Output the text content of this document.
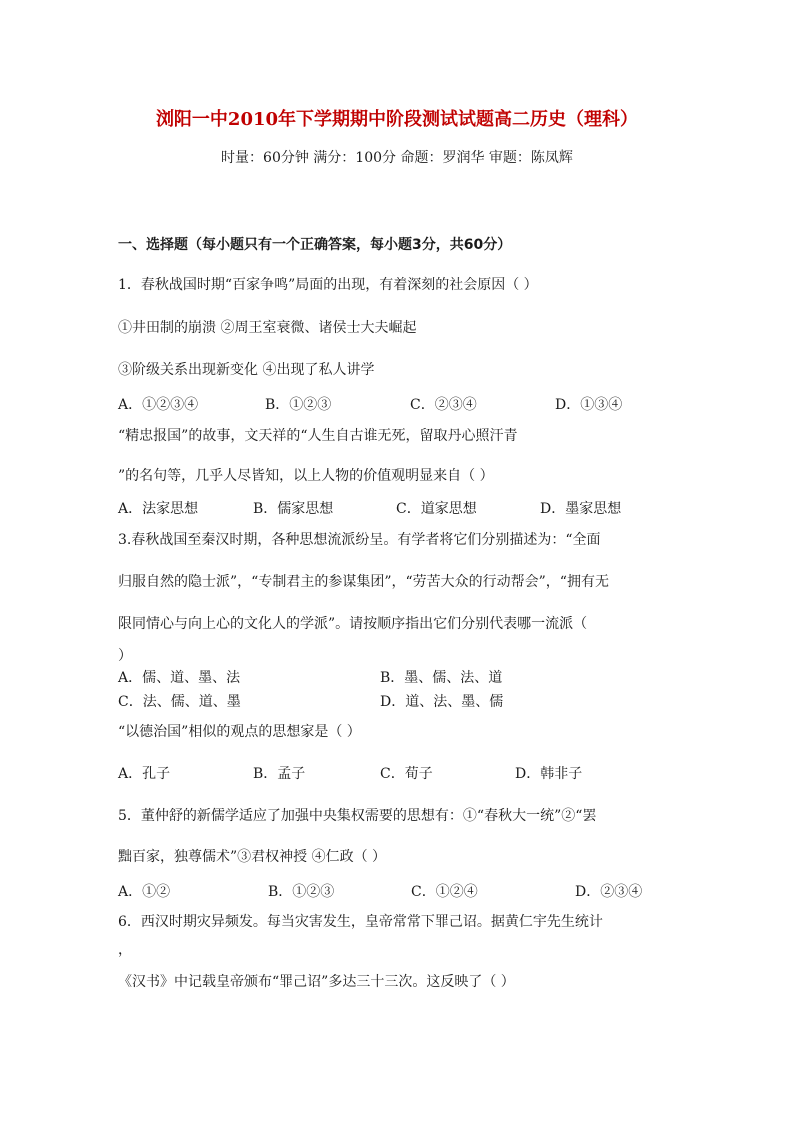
浏阳一中2010年下学期期中阶段测试试题高二历史（理科）
时量：60分钟 满分：100分 命题：罗润华 审题：陈凤辉
一、选择题（每小题只有一个正确答案，每小题3分，共60分）
1．春秋战国时期“百家争鸣”局面的出现，有着深刻的社会原因（ ）
①井田制的崩溃 ②周王室衰微、诸侯士大夫崛起
③阶级关系出现新变化 ④出现了私人讲学
A．①②③④	B．①②③	C．②③④	D．①③④
“精忠报国”的故事，文天祥的“人生自古谁无死，留取丹心照汗青
”的名句等，几乎人尽皆知，以上人物的价值观明显来自（ ）
A．法家思想	B．儒家思想	C．道家思想	D．墨家思想
3.春秋战国至秦汉时期，各种思想流派纷呈。有学者将它们分别描述为：“全面
归服自然的隐士派”，“专制君主的参谋集团”，“劳苦大众的行动帮会”，“拥有无
限同情心与向上心的文化人的学派”。请按顺序指出它们分别代表哪一流派（
）
A．儒、道、墨、法	B．墨、儒、法、道
C．法、儒、道、墨	D．道、法、墨、儒
“以德治国”相似的观点的思想家是（ ）
A．孔子	B．孟子	C．荀子	D．韩非子
5．董仲舒的新儒学适应了加强中央集权需要的思想有：①“春秋大一统”②“罢
黜百家，独尊儒术”③君权神授 ④仁政（ ）
A．①②	B．①②③	C．①②④	D．②③④
6．西汉时期灾异频发。每当灾害发生，皇帝常常下罪己诏。据黄仁宇先生统计
，
《汉书》中记载皇帝颁布“罪己诏”多达三十三次。这反映了（ ）
